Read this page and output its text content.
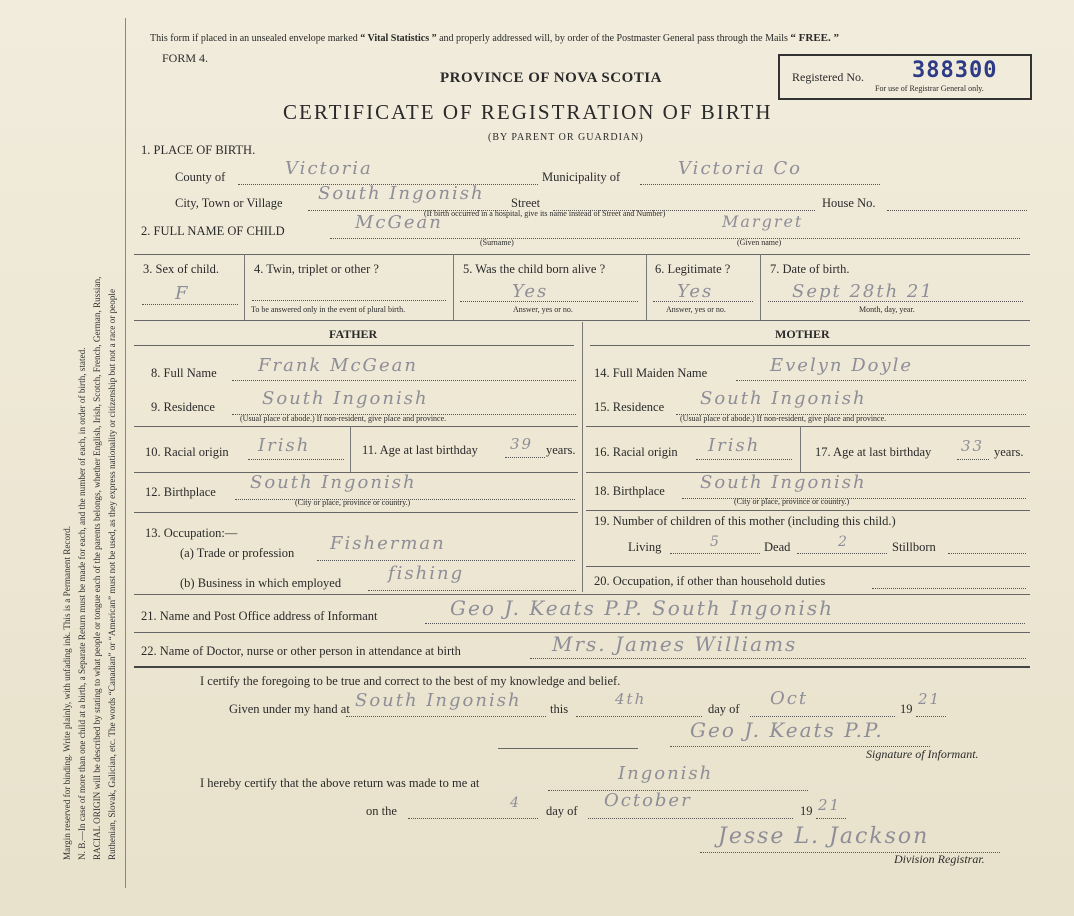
Margin reserved for binding. Write plainly, with unfading ink. This is a Permanent Record. N. B.—In case of more than one child at a birth, a Separate Return must be made for each, and the number of each, in order of birth, stated. RACIAL ORIGIN will be described by stating to what people or tongue each of the parents belongs, whether English, Irish, Scotch, French, German, Russian, Ruthenian, Slovak, Galician, etc. The words “Canadian” or “American” must not be used, as they express nationality or citizenship but not a race or people
This form if placed in an unsealed envelope marked “ Vital Statistics ” and properly addressed will, by order of the Postmaster General pass through the Mails “ FREE. ”
FORM 4.
PROVINCE OF NOVA SCOTIA	Registered No. 388300
For use of Registrar General only.
CERTIFICATE OF REGISTRATION OF BIRTH
(BY PARENT OR GUARDIAN)
1. PLACE OF BIRTH.
County of	Victoria	Municipality of	Victoria Co
City, Town or Village South Ingonish Street
(If birth occurred in a hospital, give its name instead of Street and Number)
House No.
2. FULL NAME OF CHILD	McGean	Margret
(Surname)	(Given name)
3. Sex of child.
F
4. Twin, triplet or other ?
To be answered only in the event of plural birth.
5. Was the child born alive ?
Yes
Answer, yes or no.
6. Legitimate ?
Yes
Answer, yes or no.
7. Date of birth.
Sept 28th 21
Month, day, year.
FATHER	MOTHER
8. Full Name Frank McGean
9. Residence	South Ingonish
(Usual place of abode.) If non-resident, give place and province.
10. Racial origin Irish	11. Age at last birthday 39 years.
12. Birthplace South Ingonish
(City or place, province or country.)
13. Occupation:—
(a) Trade or profession Fisherman
(b) Business in which employed	fishing
14. Full Maiden Name	Evelyn Doyle
15. Residence South Ingonish
(Usual place of abode.) If non-resident, give place and province.
16. Racial origin Irish	17. Age at last birthday 33 years.
18. Birthplace South Ingonish
(City or place, province or country.)
19. Number of children of this mother (including this child.)
Living	5	Dead	2	Stillborn
20. Occupation, if other than household duties
21. Name and Post Office address of Informant	Geo J. Keats P.P. South Ingonish
22. Name of Doctor, nurse or other person in attendance at birth	Mrs. James Williams
I certify the foregoing to be true and correct to the best of my knowledge and belief.
Given under my hand at South Ingonish this
4th
day of Oct	19
21
Geo J. Keats P.P.
Signature of Informant.
I hereby certify that the above return was made to me at	Ingonish
on the	4 day of October	19 21
Jesse L. Jackson
Division Registrar.
